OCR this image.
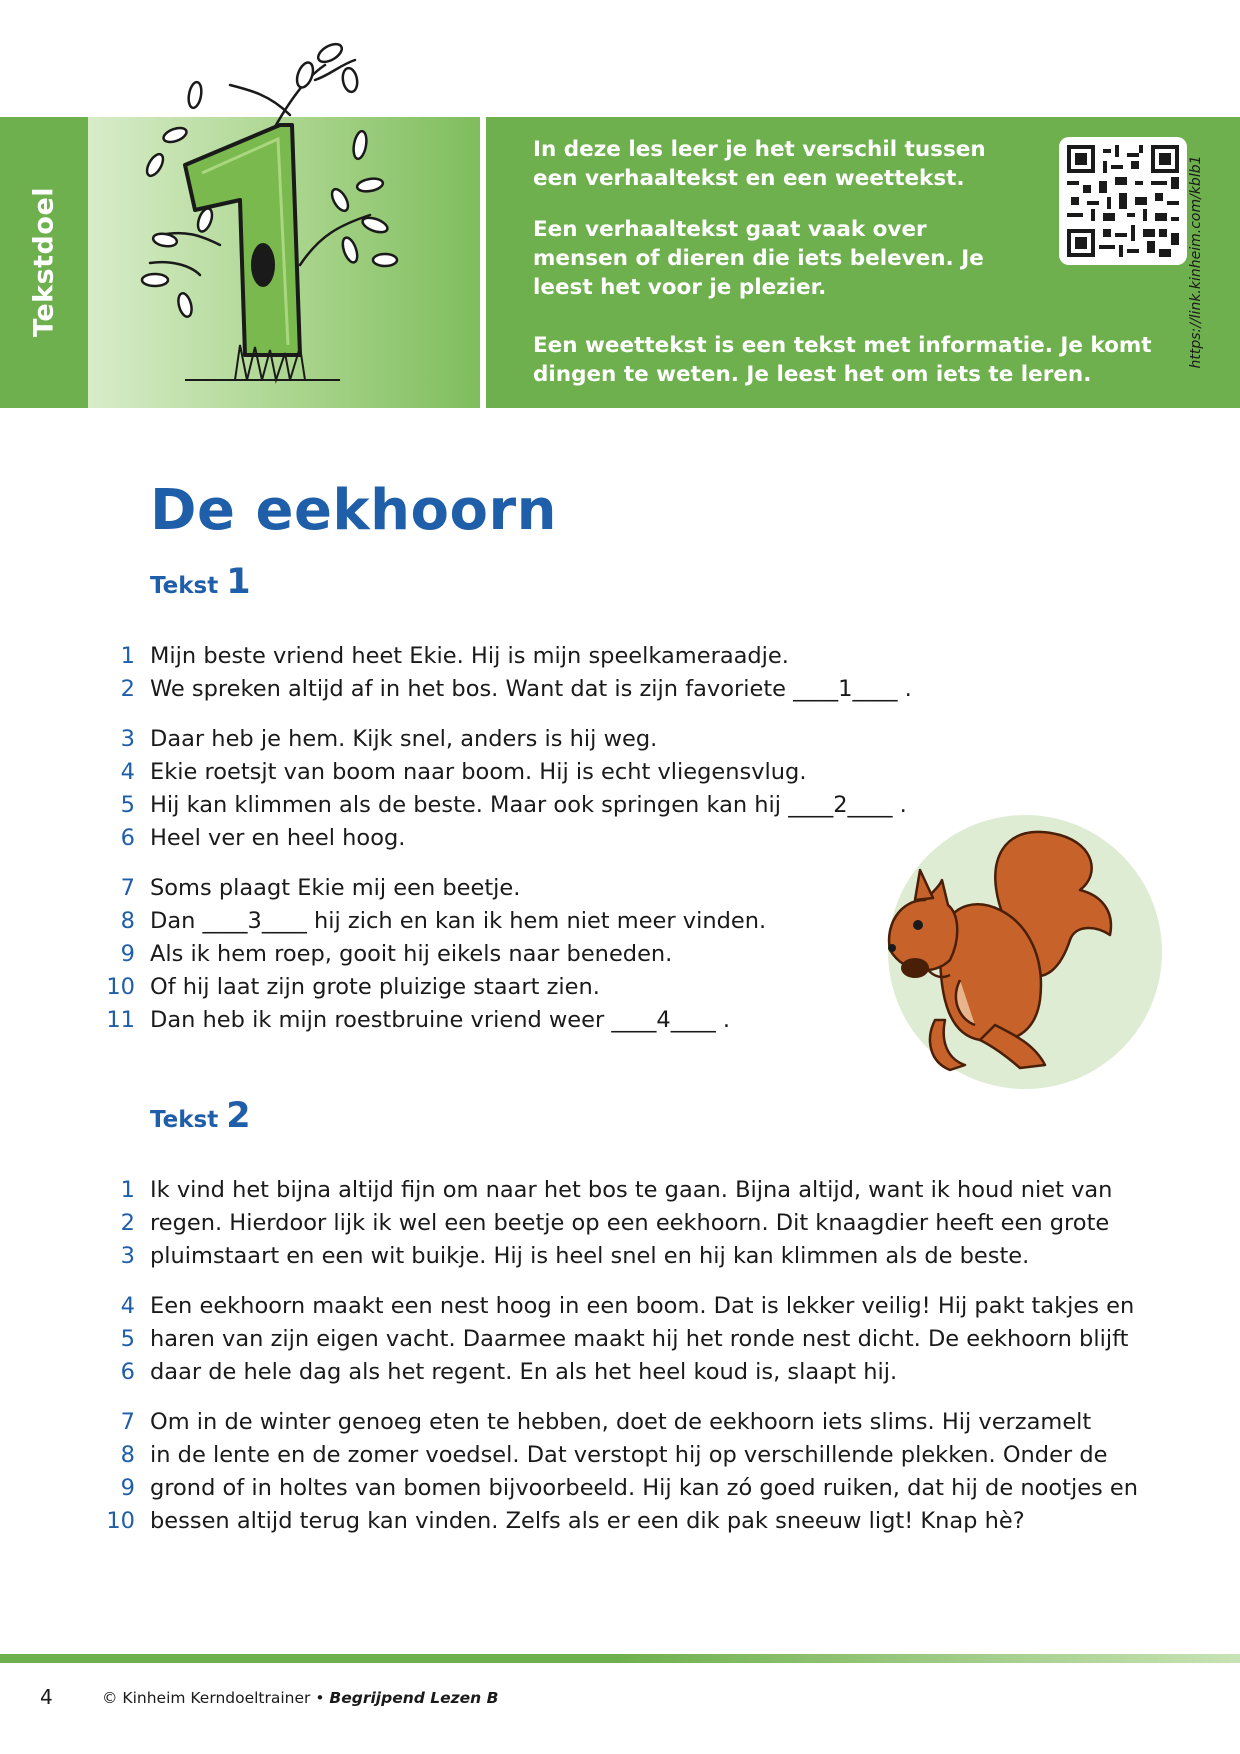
Tekstdoel

In deze les leer je het verschil tussen een verhaaltekst en een weettekst.

Een verhaaltekst gaat vaak over mensen of dieren die iets beleven. Je leest het voor je plezier.

Een weettekst is een tekst met informatie. Je komt dingen te weten. Je leest het om iets te leren.

https://link.kinheim.com/kblb1
De eekhoorn
Tekst 1
1 Mijn beste vriend heet Ekie. Hij is mijn speelkameraadje.
2 We spreken altijd af in het bos. Want dat is zijn favoriete ____1____ .
3 Daar heb je hem. Kijk snel, anders is hij weg.
4 Ekie roetsjt van boom naar boom. Hij is echt vliegensvlug.
5 Hij kan klimmen als de beste. Maar ook springen kan hij ____2____ .
6 Heel ver en heel hoog.
7 Soms plaagt Ekie mij een beetje.
8 Dan ____3____ hij zich en kan ik hem niet meer vinden.
9 Als ik hem roep, gooit hij eikels naar beneden.
10 Of hij laat zijn grote pluizige staart zien.
11 Dan heb ik mijn roestbruine vriend weer ____4____ .
Tekst 2
1 Ik vind het bijna altijd fijn om naar het bos te gaan. Bijna altijd, want ik houd niet van
2 regen. Hierdoor lijk ik wel een beetje op een eekhoorn. Dit knaagdier heeft een grote
3 pluimstaart en een wit buikje. Hij is heel snel en hij kan klimmen als de beste.
4 Een eekhoorn maakt een nest hoog in een boom. Dat is lekker veilig! Hij pakt takjes en
5 haren van zijn eigen vacht. Daarmee maakt hij het ronde nest dicht. De eekhoorn blijft
6 daar de hele dag als het regent. En als het heel koud is, slaapt hij.
7 Om in de winter genoeg eten te hebben, doet de eekhoorn iets slims. Hij verzamelt
8 in de lente en de zomer voedsel. Dat verstopt hij op verschillende plekken. Onder de
9 grond of in holtes van bomen bijvoorbeeld. Hij kan zó goed ruiken, dat hij de nootjes en
10 bessen altijd terug kan vinden. Zelfs als er een dik pak sneeuw ligt! Knap hè?
4	© Kinheim Kerndoeltrainer • Begrijpend Lezen B
